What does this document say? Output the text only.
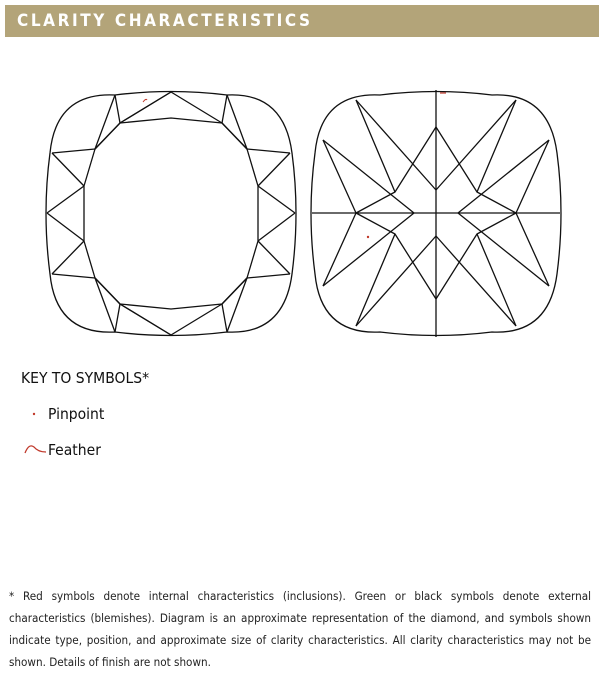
CLARITY CHARACTERISTICS
KEY TO SYMBOLS*
Pinpoint
Feather
* Red symbols denote internal characteristics (inclusions). Green or black symbols denote external characteristics (blemishes). Diagram is an approximate representation of the diamond, and symbols shown indicate type, position, and approximate size of clarity characteristics. All clarity characteristics may not be shown. Details of finish are not shown.
